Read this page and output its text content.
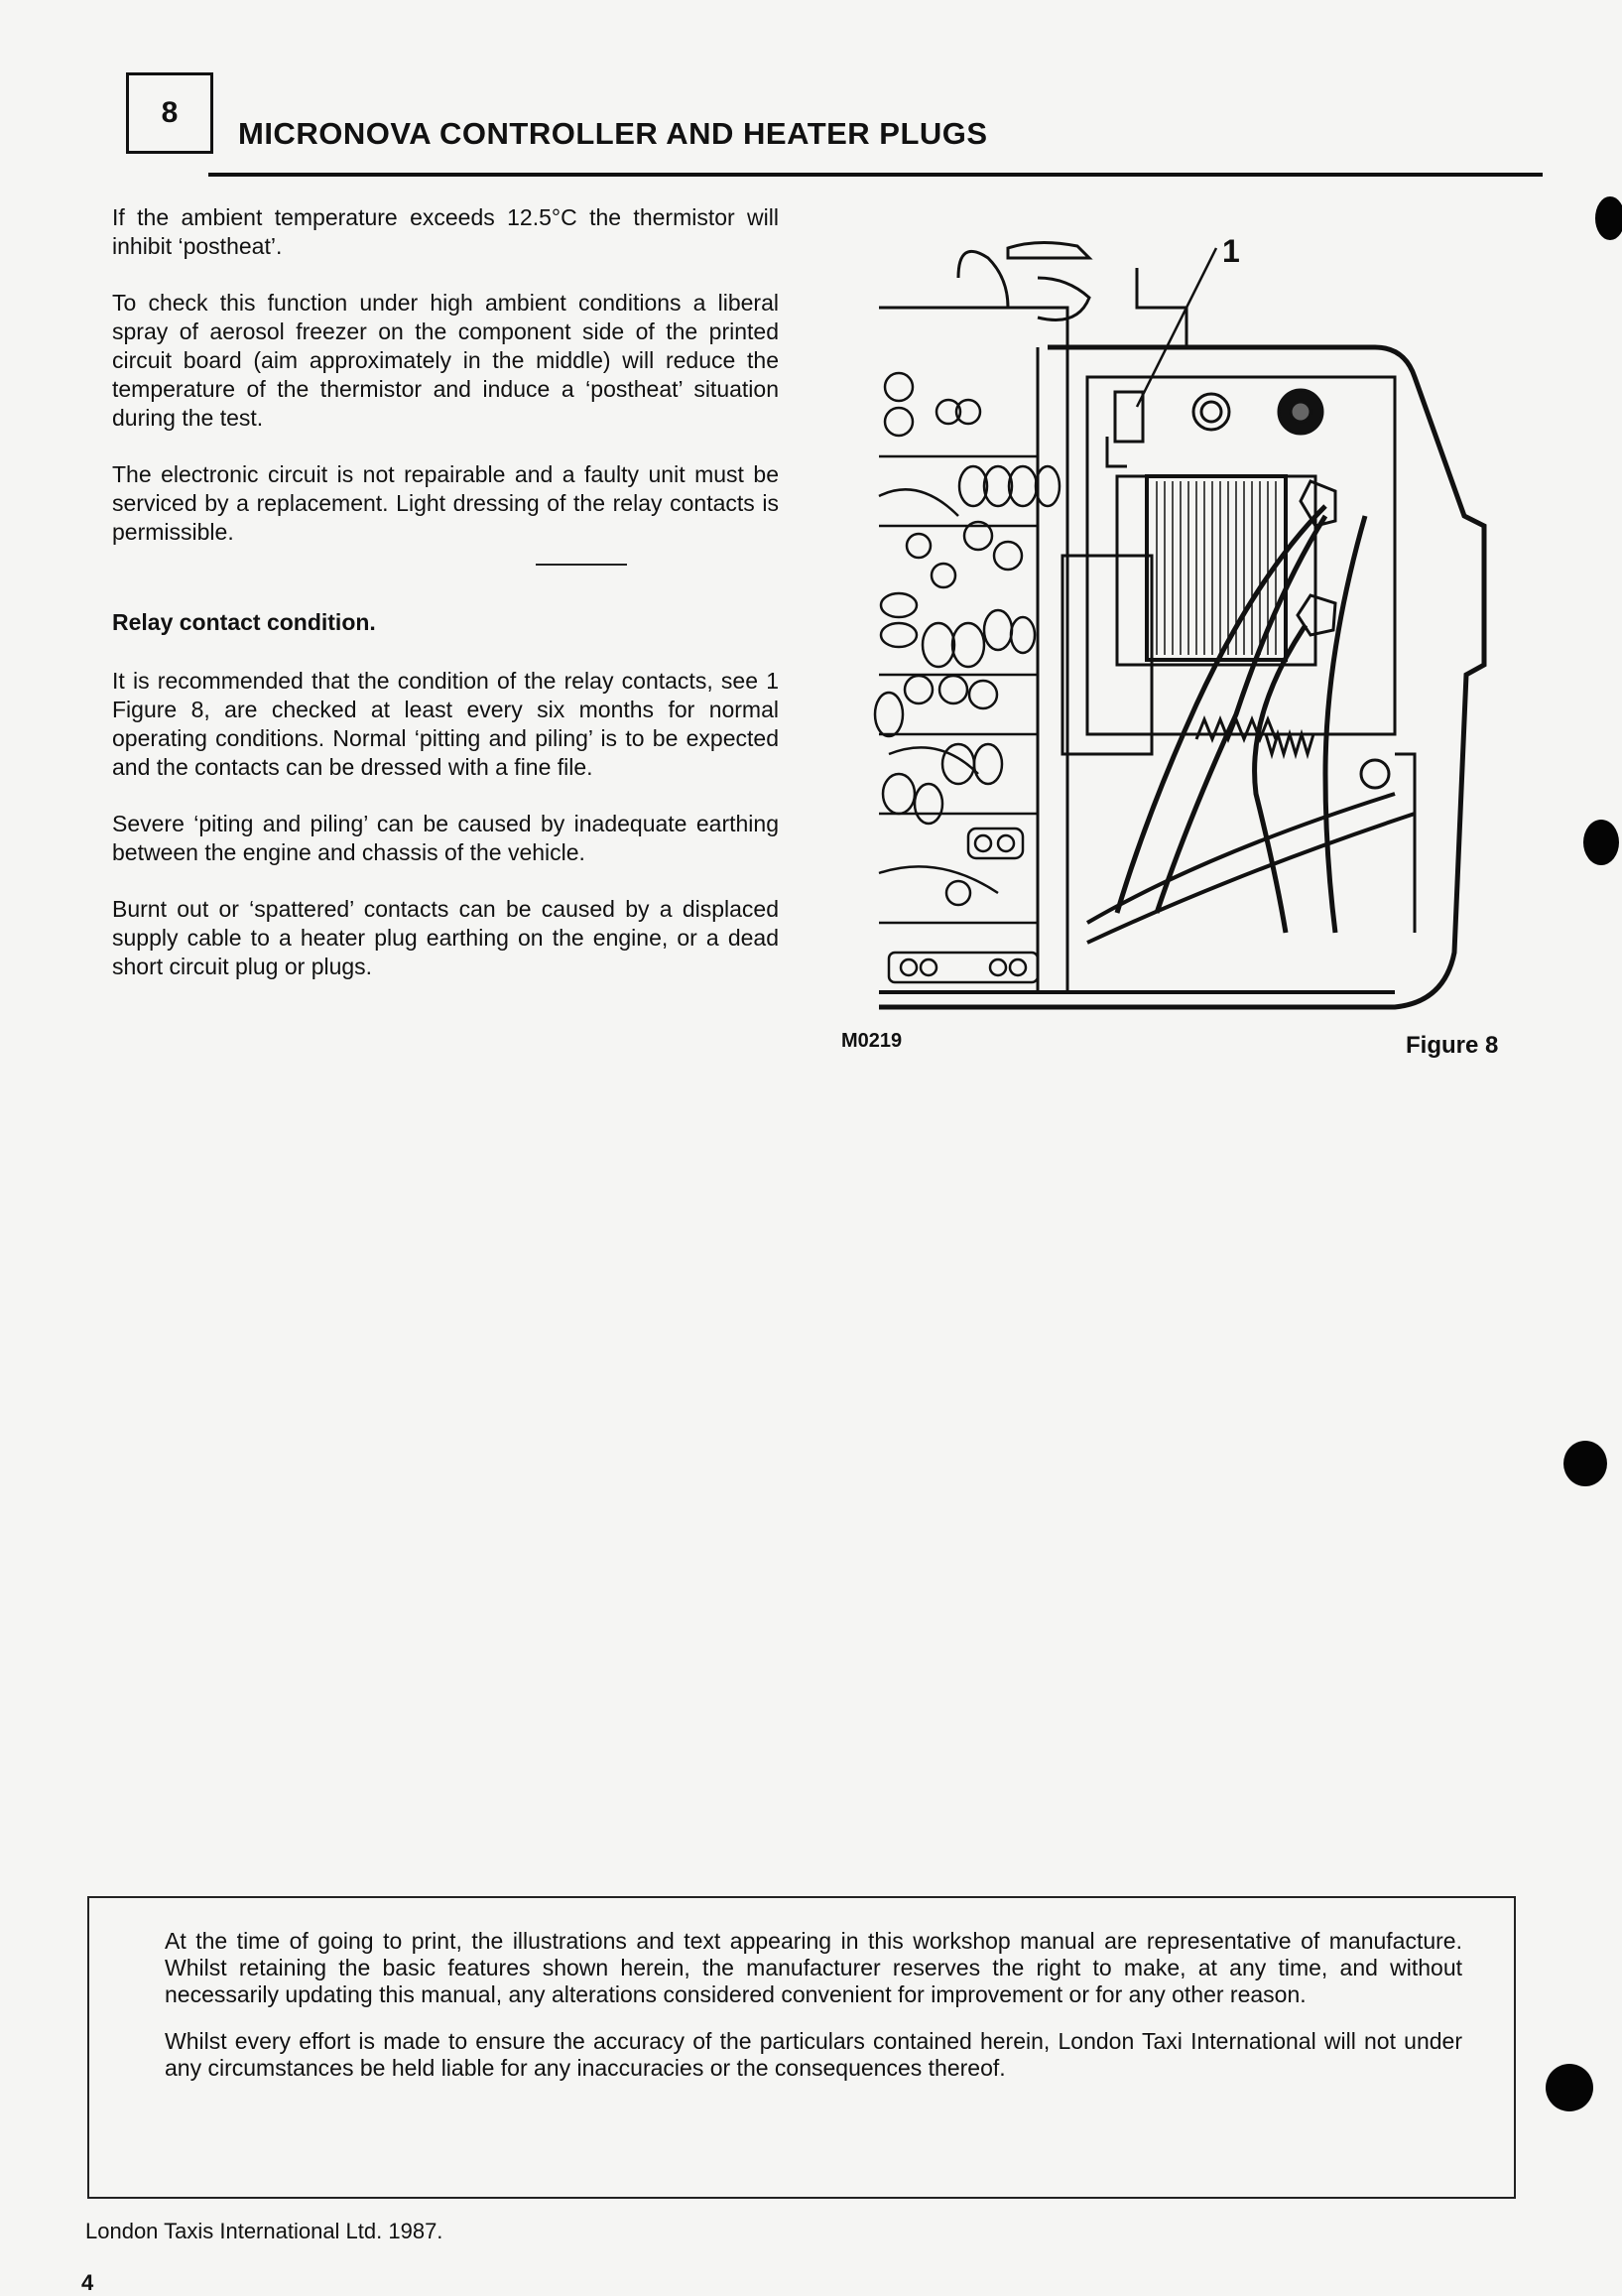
8
MICRONOVA CONTROLLER AND HEATER PLUGS

If the ambient temperature exceeds 12.5°C the thermistor will inhibit ‘postheat’.

To check this function under high ambient conditions a liberal spray of aerosol freezer on the component side of the printed circuit board (aim approximately in the middle) will reduce the temperature of the thermistor and induce a ‘postheat’ situation during the test.

The electronic circuit is not repairable and a faulty unit must be serviced by a replacement. Light dressing of the relay contacts is permissible.

Relay contact condition.

It is recommended that the condition of the relay contacts, see 1 Figure 8, are checked at least every six months for normal operating conditions. Normal ‘pitting and piling’ is to be expected and the contacts can be dressed with a fine file.

Severe ‘piting and piling’ can be caused by inadequate earthing between the engine and chassis of the vehicle.

Burnt out or ‘spattered’ contacts can be caused by a displaced supply cable to a heater plug earthing on the engine, or a dead short circuit plug or plugs.

1
M0219	Figure 8

At the time of going to print, the illustrations and text appearing in this workshop manual are representative of manufacture. Whilst retaining the basic features shown herein, the manufacturer reserves the right to make, at any time, and without necessarily updating this manual, any alterations considered convenient for improvement or for any other reason.

Whilst every effort is made to ensure the accuracy of the particulars contained herein, London Taxi International will not under any circumstances be held liable for any inaccuracies or the consequences thereof.

London Taxis International Ltd. 1987.
4
